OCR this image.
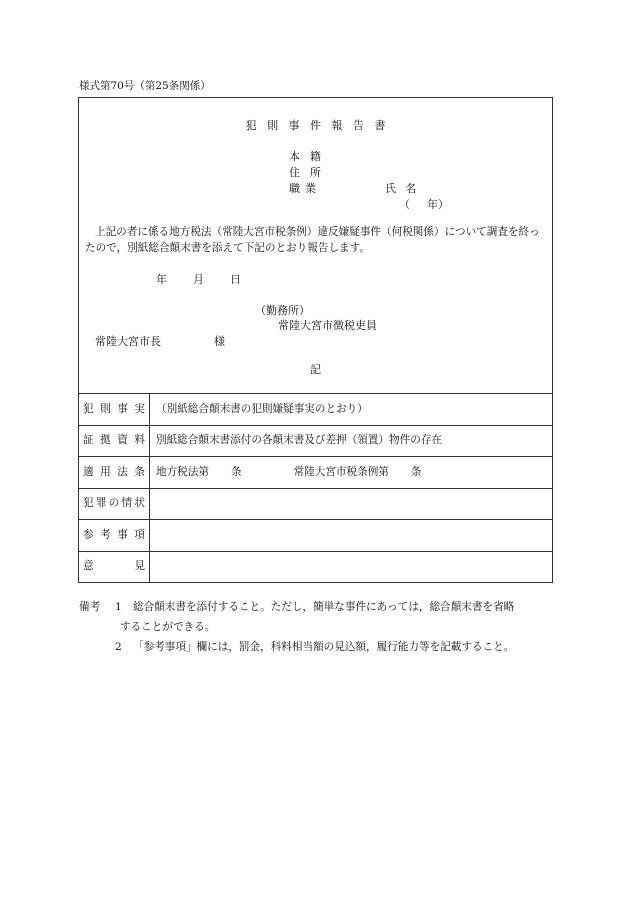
様式第70号（第25条関係）
犯則事件報告書
本籍
住所
職業	氏名
（ 年）
上記の者に係る地方税法（常陸大宮市税条例）違反嫌疑事件（何税関係）について調査を終ったので，別紙総合顛末書を添えて下記のとおり報告します。
年 月 日
（勤務所）
常陸大宮市徴税吏員
常陸大宮市長	様
記
犯則事実	（別紙総合顛末書の犯則嫌疑事実のとおり）
証拠資料	別紙総合顛末書添付の各顛末書及び差押（領置）物件の存在
適用法条	地方税法第 条 常陸大宮市税条例第 条
犯罪の情状	
参考事項	
意見	
備考 1 総合顛末書を添付すること。ただし，簡単な事件にあっては，総合顛末書を省略
することができる。
2 「参考事項」欄には，罰金，科料相当額の見込額，履行能力等を記載すること。
